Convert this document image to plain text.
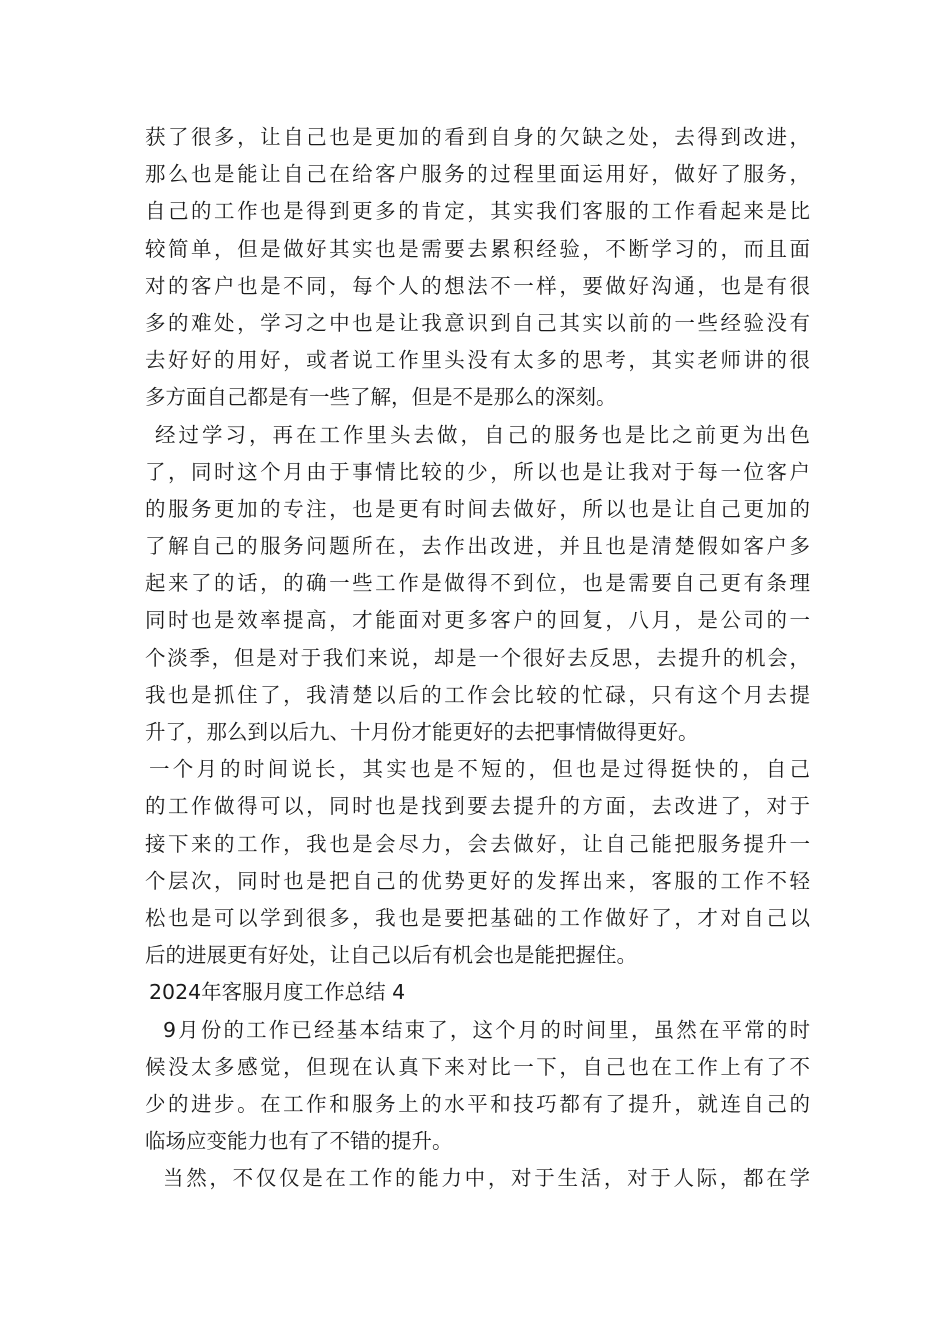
获了很多，让自己也是更加的看到自身的欠缺之处，去得到改进，
那么也是能让自己在给客户服务的过程里面运用好，做好了服务，
自己的工作也是得到更多的肯定，其实我们客服的工作看起来是比
较简单，但是做好其实也是需要去累积经验，不断学习的，而且面
对的客户也是不同，每个人的想法不一样，要做好沟通，也是有很
多的难处，学习之中也是让我意识到自己其实以前的一些经验没有
去好好的用好，或者说工作里头没有太多的思考，其实老师讲的很
多方面自己都是有一些了解，但是不是那么的深刻。
经过学习，再在工作里头去做，自己的服务也是比之前更为出色
了，同时这个月由于事情比较的少，所以也是让我对于每一位客户
的服务更加的专注，也是更有时间去做好，所以也是让自己更加的
了解自己的服务问题所在，去作出改进，并且也是清楚假如客户多
起来了的话，的确一些工作是做得不到位，也是需要自己更有条理
同时也是效率提高，才能面对更多客户的回复，八月，是公司的一
个淡季，但是对于我们来说，却是一个很好去反思，去提升的机会，
我也是抓住了，我清楚以后的工作会比较的忙碌，只有这个月去提
升了，那么到以后九、十月份才能更好的去把事情做得更好。
一个月的时间说长，其实也是不短的，但也是过得挺快的，自己
的工作做得可以，同时也是找到要去提升的方面，去改进了，对于
接下来的工作，我也是会尽力，会去做好，让自己能把服务提升一
个层次，同时也是把自己的优势更好的发挥出来，客服的工作不轻
松也是可以学到很多，我也是要把基础的工作做好了，才对自己以
后的进展更有好处，让自己以后有机会也是能把握住。
2024年客服月度工作总结 4
9月份的工作已经基本结束了，这个月的时间里，虽然在平常的时
候没太多感觉，但现在认真下来对比一下，自己也在工作上有了不
少的进步。在工作和服务上的水平和技巧都有了提升，就连自己的
临场应变能力也有了不错的提升。
当然，不仅仅是在工作的能力中，对于生活，对于人际，都在学
